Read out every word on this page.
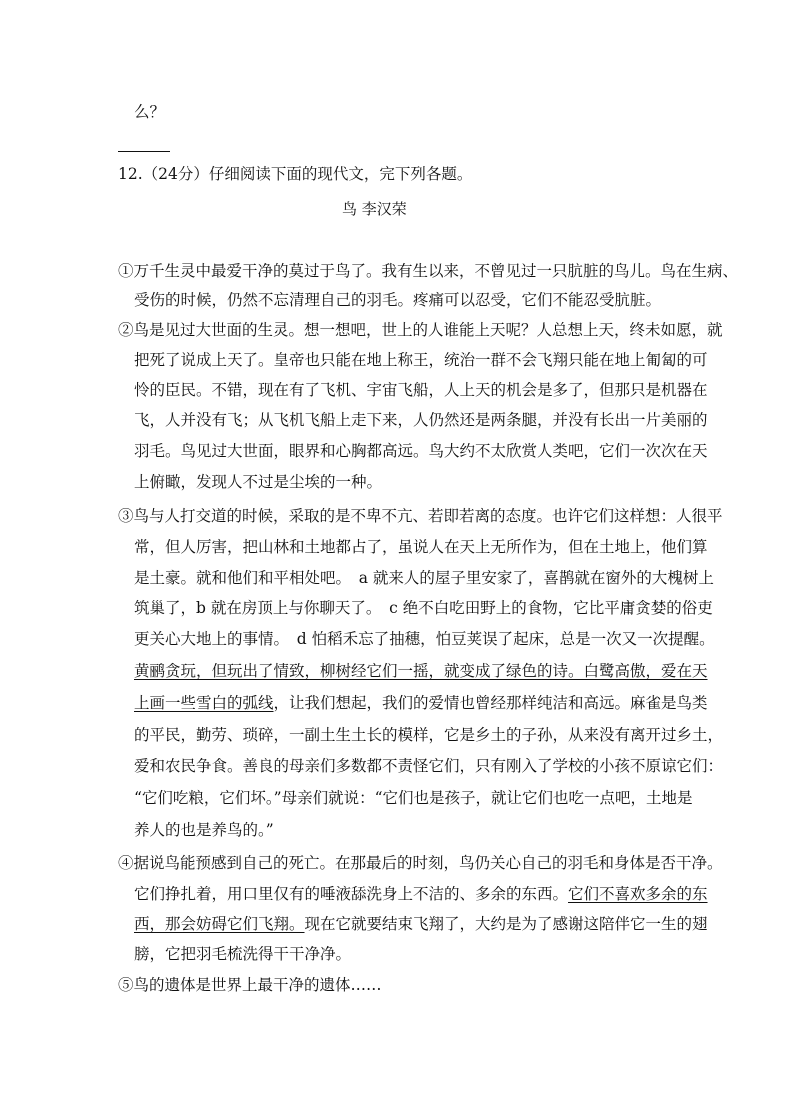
么？
12.（24分）仔细阅读下面的现代文，完下列各题。
鸟 李汉荣
①万千生灵中最爱干净的莫过于鸟了。我有生以来，不曾见过一只肮脏的鸟儿。鸟在生病、
受伤的时候，仍然不忘清理自己的羽毛。疼痛可以忍受，它们不能忍受肮脏。
②鸟是见过大世面的生灵。想一想吧，世上的人谁能上天呢？人总想上天，终未如愿，就
把死了说成上天了。皇帝也只能在地上称王，统治一群不会飞翔只能在地上匍匐的可
怜的臣民。不错，现在有了飞机、宇宙飞船，人上天的机会是多了，但那只是机器在
飞，人并没有飞；从飞机飞船上走下来，人仍然还是两条腿，并没有长出一片美丽的
羽毛。鸟见过大世面，眼界和心胸都高远。鸟大约不太欣赏人类吧，它们一次次在天
上俯瞰，发现人不过是尘埃的一种。
③鸟与人打交道的时候，采取的是不卑不亢、若即若离的态度。也许它们这样想：人很平
常，但人厉害，把山林和土地都占了，虽说人在天上无所作为，但在土地上，他们算
是土豪。就和他们和平相处吧。　a 就来人的屋子里安家了，喜鹊就在窗外的大槐树上
筑巢了，b 就在房顶上与你聊天了。　c 绝不白吃田野上的食物，它比平庸贪婪的俗吏
更关心大地上的事情。　d 怕稻禾忘了抽穗，怕豆荚误了起床，总是一次又一次提醒。
黄鹂贪玩，但玩出了情致，柳树经它们一摇，就变成了绿色的诗。白鹭高傲，爱在天
上画一些雪白的弧线，让我们想起，我们的爱情也曾经那样纯洁和高远。麻雀是鸟类
的平民，勤劳、琐碎，一副土生土长的模样，它是乡土的子孙，从来没有离开过乡土，
爱和农民争食。善良的母亲们多数都不责怪它们，只有刚入了学校的小孩不原谅它们：
“它们吃粮，它们坏。”母亲们就说：“它们也是孩子，就让它们也吃一点吧，土地是
养人的也是养鸟的。”
④据说鸟能预感到自己的死亡。在那最后的时刻，鸟仍关心自己的羽毛和身体是否干净。
它们挣扎着，用口里仅有的唾液舔洗身上不洁的、多余的东西。它们不喜欢多余的东
西，那会妨碍它们飞翔。现在它就要结束飞翔了，大约是为了感谢这陪伴它一生的翅
膀，它把羽毛梳洗得干干净净。
⑤鸟的遗体是世界上最干净的遗体……
